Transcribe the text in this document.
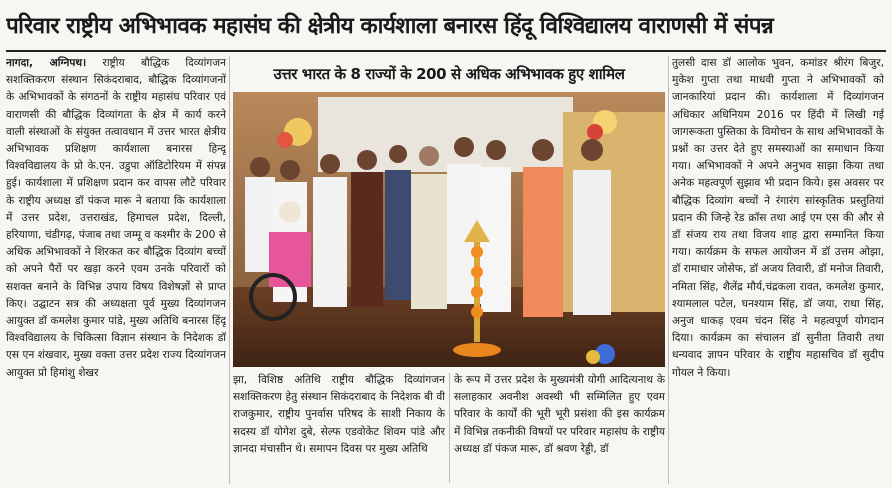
परिवार राष्ट्रीय अभिभावक महासंघ की क्षेत्रीय कार्यशाला बनारस हिंदू विश्विद्यालय वाराणसी में संपन्न
नागदा, अग्निपथ। राष्ट्रीय बौद्धिक दिव्यांगजन सशक्तिकरण संस्थान सिकंदराबाद, बौद्धिक दिव्यांगजनों के अभिभावकों के संगठनों के राष्ट्रीय महासंघ परिवार एवं वाराणसी की बौद्धिक दिव्यांगता के क्षेत्र में कार्य करने वाली संस्थाओं के संयुक्त तत्वावधान में उत्तर भारत क्षेत्रीय अभिभावक प्रशिक्षण कार्यशाला बनारस हिन्दू विश्वविद्यालय के प्रो के.एन. उडुपा ऑडिटोरियम में संपन्न हुई। कार्यशाला में प्रशिक्षण प्रदान कर वापस लौटे परिवार के राष्ट्रीय अध्यक्ष डॉ पंकज मारू ने बताया कि कार्यशाला में उत्तर प्रदेश, उत्तराखंड, हिमाचल प्रदेश, दिल्ली, हरियाणा, चंडीगढ़, पंजाब तथा जम्मू व कश्मीर के 200 से अधिक अभिभावकों ने शिरकत कर बौद्धिक दिव्यांग बच्चों को अपने पैरों पर खड़ा करने एवम उनके परिवारों को सशक्त बनाने के विभिन्न उपाय विषय विशेषज्ञों से प्राप्त किए। उद्घाटन सत्र की अध्यक्षता पूर्व मुख्य दिव्यांगजन आयुक्त डॉ कमलेश कुमार पांडे, मुख्य अतिथि बनारस हिंदू विश्वविद्यालय के चिकित्सा विज्ञान संस्थान के निदेशक डॉ एस एन शंखवार, मुख्य वक्ता उत्तर प्रदेश राज्य दिव्यांगजन आयुक्त प्रो हिमांशु शेखर
उत्तर भारत के 8 राज्यों के 200 से अधिक अभिभावक हुए शामिल
झा, विशिष्ठ अतिथि राष्ट्रीय बौद्धिक दिव्यांगजन सशक्तिकरण हेतु संस्थान सिकंदराबाद के निदेशक बी वी राजकुमार, राष्ट्रीय पुनर्वास परिषद के साशी निकाय के सदस्य डॉ योगेश दुबे, सेल्फ एडवोकेट शिवम पांडे और ज्ञानदा मंचासीन थे। समापन दिवस पर मुख्य अतिथि
के रूप में उत्तर प्रदेश के मुख्यमंत्री योगी आदित्यनाथ के सलाहकार अवनीश अवस्थी भी सम्मिलित हुए एवम परिवार के कार्यों की भूरी भूरी प्रसंशा की इस कार्यक्रम में विभिन्न तकनीकी विषयों पर परिवार महासंघ के राष्ट्रीय अध्यक्ष डॉ पंकज मारू, डॉ श्रवण रेड्डी, डॉ
तुलसी दास डॉ आलोक भुवन, कमांडर श्रीरंग बिजुर, मुकेश गुप्ता तथा माधवी गुप्ता ने अभिभावकों को जानकारियां प्रदान की। कार्यशाला में दिव्यांगजन अधिकार अधिनियम 2016 पर हिंदी में लिखी गई जागरूकता पुस्तिका के विमोचन के साथ अभिभावकों के प्रश्नों का उत्तर देते हुए समस्याओं का समाधान किया गया। अभिभावकों ने अपने अनुभव साझा किया तथा अनेक महत्वपूर्ण सुझाव भी प्रदान किये। इस अवसर पर बौद्धिक दिव्यांग बच्चों ने रंगारंग सांस्कृतिक प्रस्तुतियां प्रदान की जिन्हे रेड क्रॉस तथा आई एम एस की और से डॉ संजय राय तथा विजय शाह द्वारा सम्मानित किया गया। कार्यक्रम के सफल आयोजन में डॉ उत्तम ओझा, डॉ रामाधार जोसेफ, डॉ अजय तिवारी, डॉ मनोज तिवारी, नमिता सिंह, शैलेंद्र मौर्य,चंद्रकला रावत, कमलेश कुमार, श्यामलाल पटेल, घनश्याम सिंह, डॉ जया, राधा सिंह, अनुज धाकड़ एवम चंदन सिंह ने महत्वपूर्ण योगदान दिया। कार्यक्रम का संचालन डॉ सुनीता तिवारी तथा धन्यवाद ज्ञापन परिवार के राष्ट्रीय महासचिव डॉ सुदीप गोयल ने किया।
